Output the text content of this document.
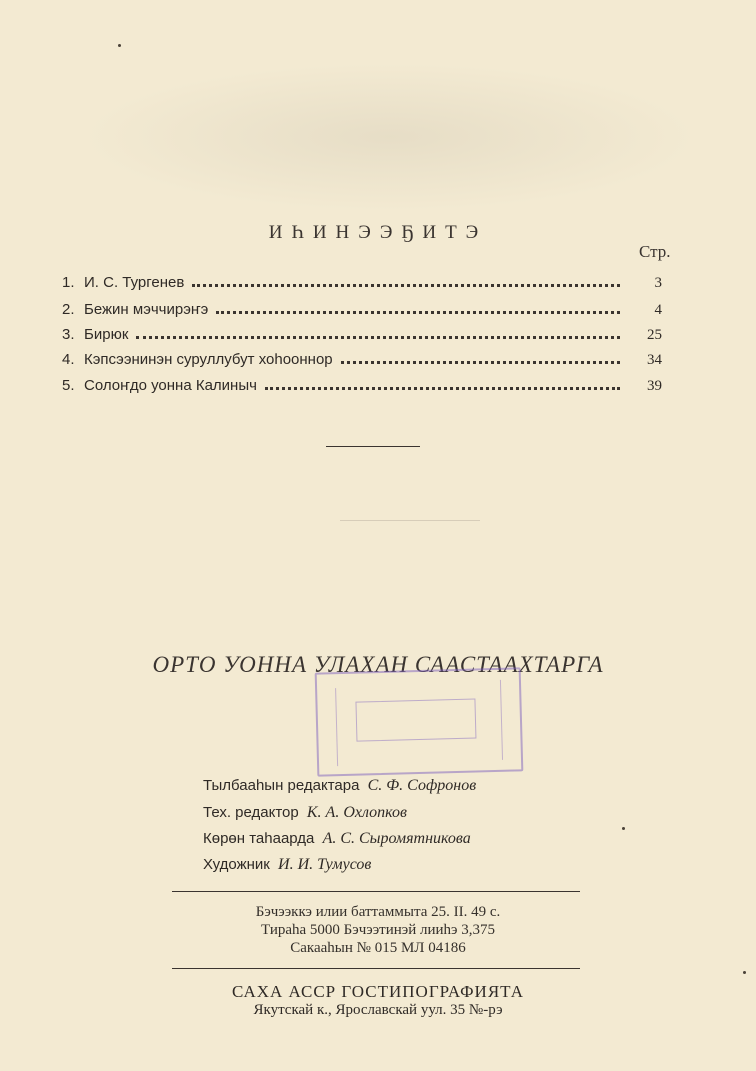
ИҺИНЭЭҔИТЭ
Стр.
1. И. С. Тургенев	3
2. Бежин мэччирэҥэ	4
3. Бирюк	25
4. Кэпсээнинэн суруллубут хоһооннор	34
5. Солоҥдо уонна Калиныч	39
ОРТО УОННА УЛАХАН СААСТААХТАРГА
Тылбааһын редактара С. Ф. Софронов
Тех. редактор К. А. Охлопков
Көрөн таһаарда А. С. Сыромятникова
Художник И. И. Тумусов
Бэчээккэ илии баттаммыта 25. II. 49 с.
Тираһа 5000 Бэчээтинэй лииһэ 3,375
Сакааһын № 015 МЛ 04186
САХА АССР ГОСТИПОГРАФИЯТА
Якутскай к., Ярославскай уул. 35 №-рэ
